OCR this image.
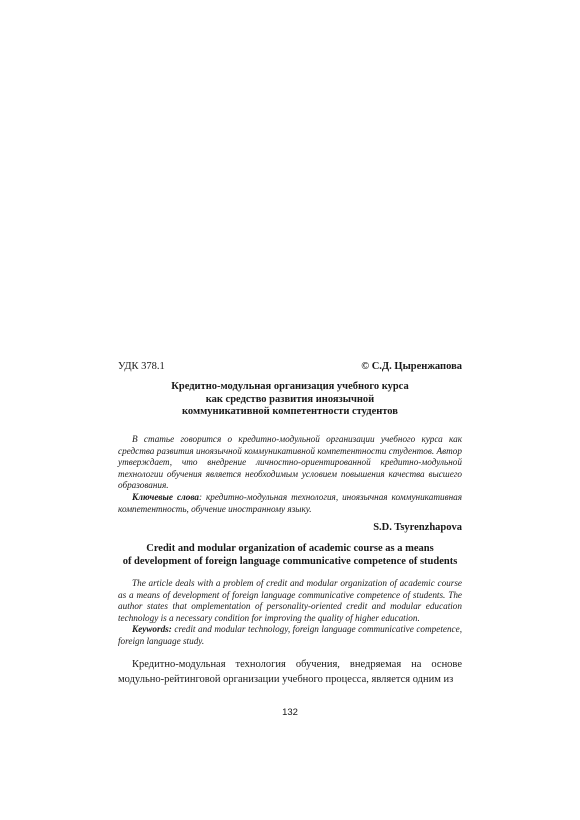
УДК 378.1	© С.Д. Цыренжапова
Кредитно-модульная организация учебного курса
как средство развития иноязычной
коммуникативной компетентности студентов

В статье говорится о кредитно-модульной организации учебного курса как средства развития иноязычной коммуникативной компетентности студентов. Автор утверждает, что внедрение личностно-ориентированной кредитно-модульной технологии обучения является необходимым условием повышения качества высшего образования.

Ключевые слова: кредитно-модульная технология, иноязычная коммуникативная компетентность, обучение иностранному языку.

S.D. Tsyrenzhapova
Credit and modular organization of academic course as a means
of development of foreign language communicative competence of students

The article deals with a problem of credit and modular organization of academic course as a means of development of foreign language communicative competence of students. The author states that omplementation of personality-oriented credit and modular education technology is a necessary condition for improving the quality of higher education.

Keywords: credit and modular technology, foreign language communicative competence, foreign language study.

Кредитно-модульная технология обучения, внедряемая на основе модульно-рейтинговой организации учебного процесса, является одним из

132
